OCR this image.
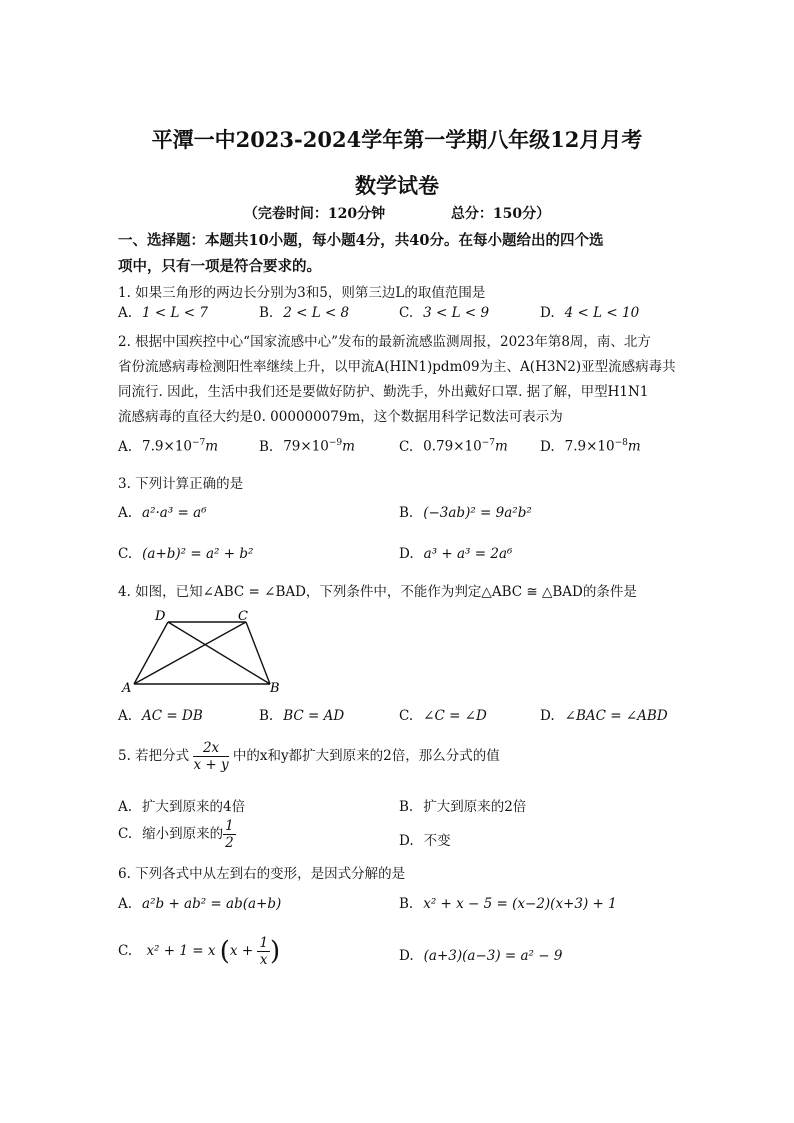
平潭一中2023-2024学年第一学期八年级12月月考
数学试卷
（完卷时间：120分钟	总分：150分）
一、选择题：本题共10小题，每小题4分，共40分。在每小题给出的四个选
项中，只有一项是符合要求的。
1. 如果三角形的两边长分别为3和5，则第三边L的取值范围是
A. 1 < L < 7	B. 2 < L < 8	C. 3 < L < 9	D. 4 < L < 10
2. 根据中国疾控中心“国家流感中心”发布的最新流感监测周报，2023年第8周，南、北方
省份流感病毒检测阳性率继续上升，以甲流A(HIN1)pdm09为主、A(H3N2)亚型流感病毒共
同流行. 因此，生活中我们还是要做好防护、勤洗手，外出戴好口罩. 据了解，甲型H1N1
流感病毒的直径大约是0. 000000079m，这个数据用科学记数法可表示为
A. $7.9\times 10^{-7}m$	B. $79\times 10^{-9}m$	C. $0.79\times 10^{-7}m$ D. $7.9\times 10^{-8}m$
3. 下列计算正确的是
A. a²·a³ = a⁶	B. (−3ab)² = 9a²b²
C. (a+b)² = a² + b²	D. a³ + a³ = 2a⁶
4. 如图，已知∠ABC = ∠BAD，下列条件中，不能作为判定△ABC ≅ △BAD的条件是
A	B
C
D
A. AC = DB	B. BC = AD	C. ∠C = ∠D	D. ∠BAC = ∠ABD
5. 若把分式 $\frac{2x}{x + y}$ 中的x和y都扩大到原来的2倍，那么分式的值
A. 扩大到原来的4倍	B. 扩大到原来的2倍
C. 缩小到原来的 $\frac{1}{2}$	D. 不变
6. 下列各式中从左到右的变形，是因式分解的是
A. a²b + ab² = ab(a+b)	B. x² + x − 5 = (x−2)(x+3) + 1
C. x² + 1 = x ($x + \frac{1}{x}$ )	D. (a+3)(a−3) = a² − 9
